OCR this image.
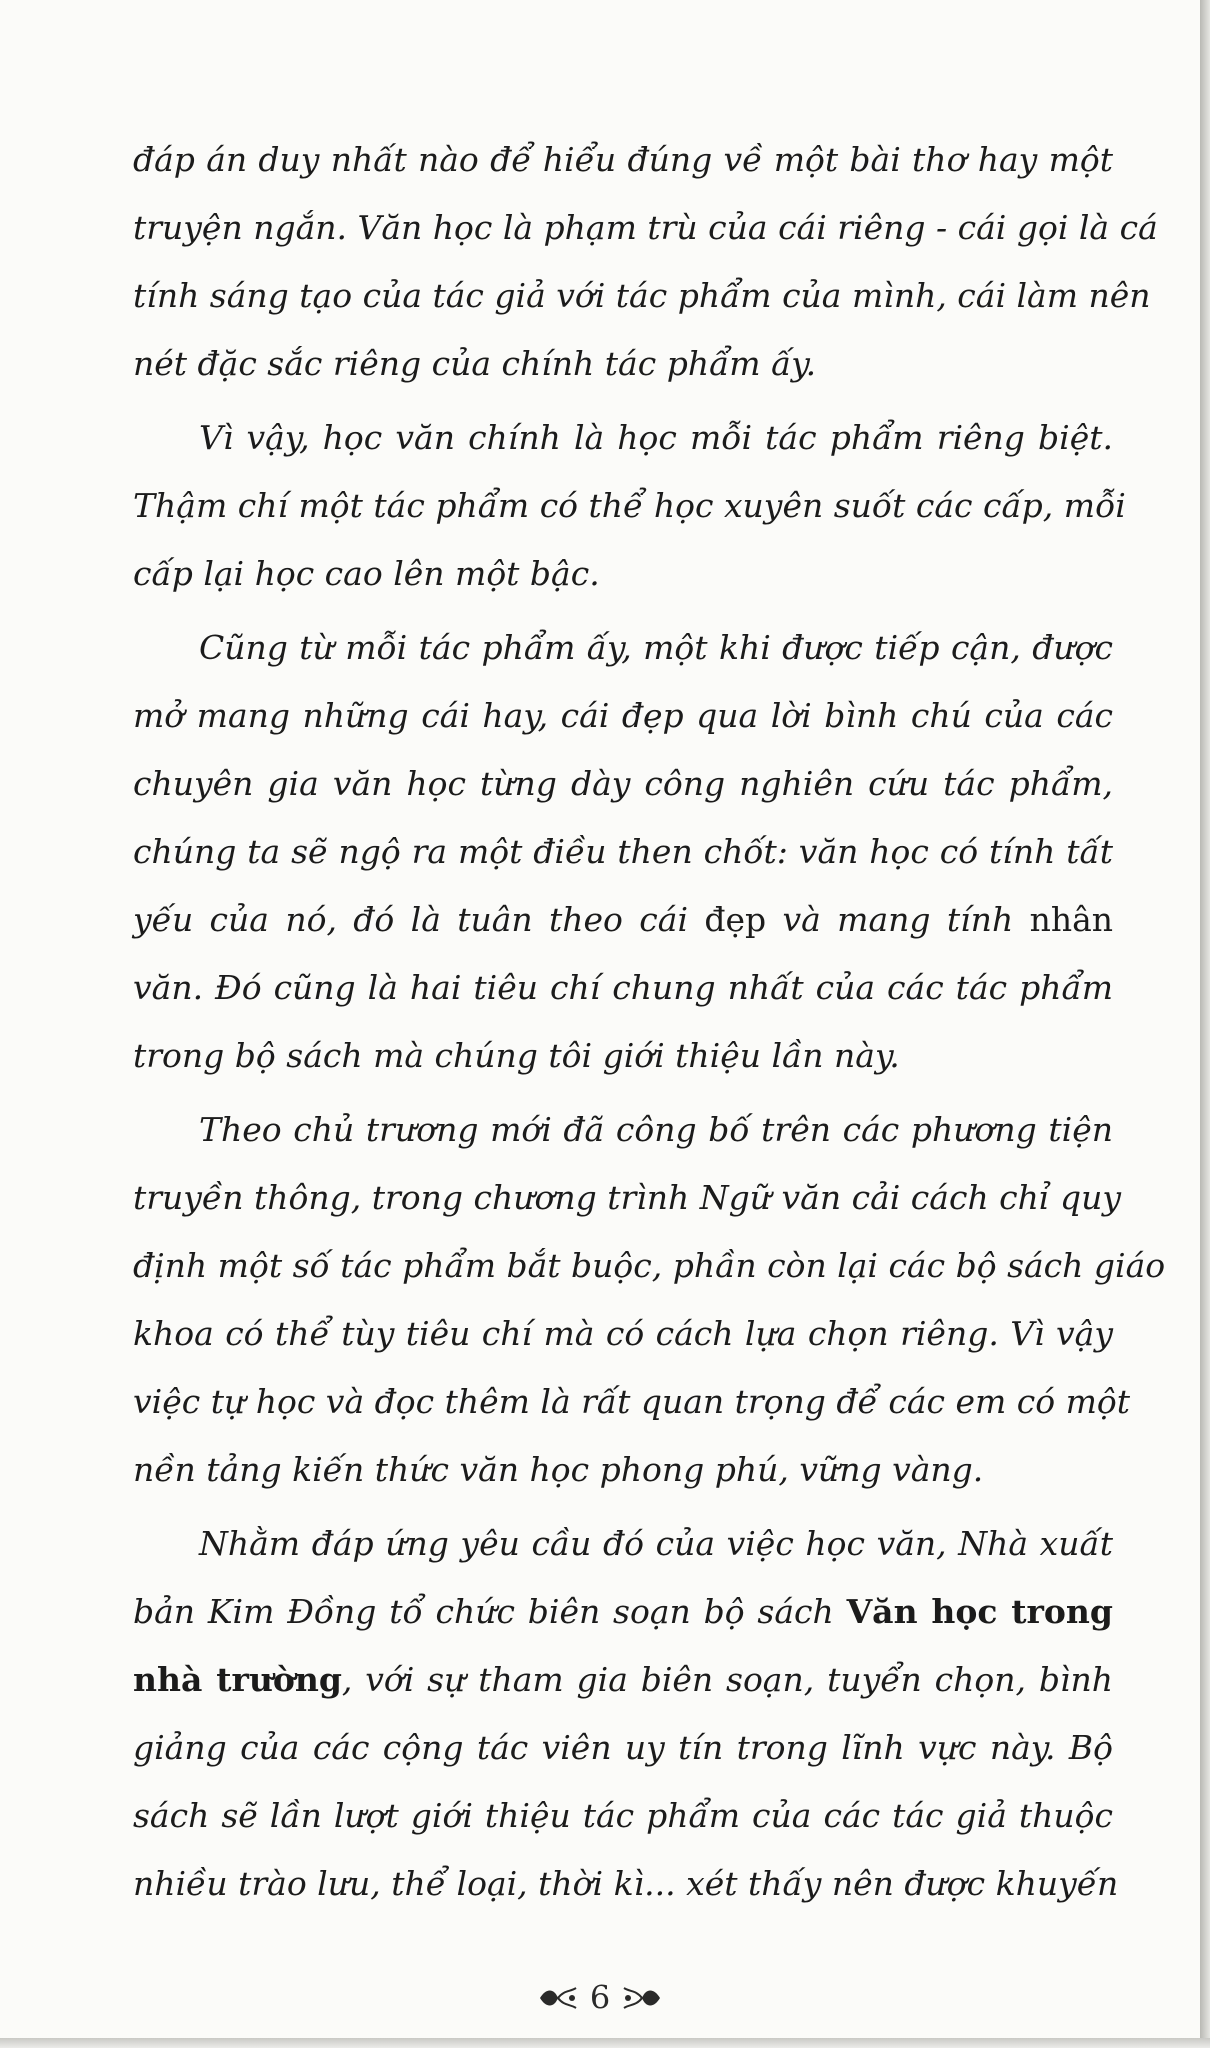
đáp án duy nhất nào để hiểu đúng về một bài thơ hay một
truyện ngắn. Văn học là phạm trù của cái riêng - cái gọi là cá
tính sáng tạo của tác giả với tác phẩm của mình, cái làm nên
nét đặc sắc riêng của chính tác phẩm ấy.
Vì vậy, học văn chính là học mỗi tác phẩm riêng biệt.
Thậm chí một tác phẩm có thể học xuyên suốt các cấp, mỗi
cấp lại học cao lên một bậc.
Cũng từ mỗi tác phẩm ấy, một khi được tiếp cận, được
mở mang những cái hay, cái đẹp qua lời bình chú của các
chuyên gia văn học từng dày công nghiên cứu tác phẩm,
chúng ta sẽ ngộ ra một điều then chốt: văn học có tính tất
yếu của nó, đó là tuân theo cái đẹp và mang tính nhân
văn. Đó cũng là hai tiêu chí chung nhất của các tác phẩm
trong bộ sách mà chúng tôi giới thiệu lần này.
Theo chủ trương mới đã công bố trên các phương tiện
truyền thông, trong chương trình Ngữ văn cải cách chỉ quy
định một số tác phẩm bắt buộc, phần còn lại các bộ sách giáo
khoa có thể tùy tiêu chí mà có cách lựa chọn riêng. Vì vậy
việc tự học và đọc thêm là rất quan trọng để các em có một
nền tảng kiến thức văn học phong phú, vững vàng.
Nhằm đáp ứng yêu cầu đó của việc học văn, Nhà xuất
bản Kim Đồng tổ chức biên soạn bộ sách Văn học trong
nhà trường, với sự tham gia biên soạn, tuyển chọn, bình
giảng của các cộng tác viên uy tín trong lĩnh vực này. Bộ
sách sẽ lần lượt giới thiệu tác phẩm của các tác giả thuộc
nhiều trào lưu, thể loại, thời kì... xét thấy nên được khuyến
6
